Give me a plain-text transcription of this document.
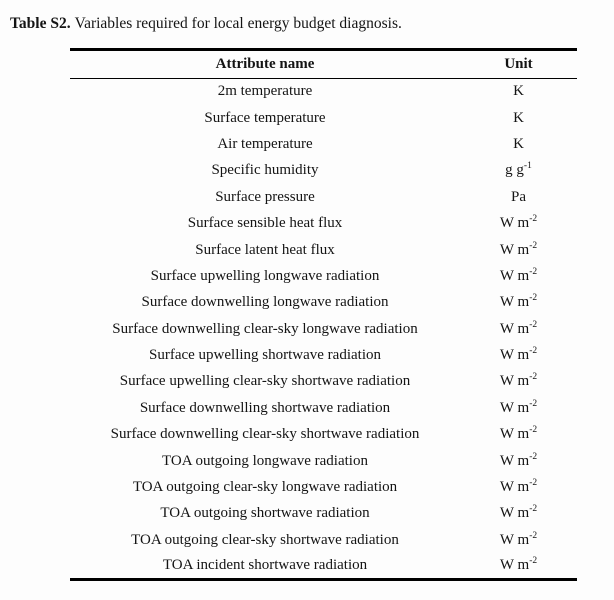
Table S2. Variables required for local energy budget diagnosis.

Attribute name	Unit
2m temperature	K
Surface temperature	K
Air temperature	K
Specific humidity	g $g^{-1}$
Surface pressure	Pa
Surface sensible heat flux	W $m^{-2}$
Surface latent heat flux	W $m^{-2}$
Surface upwelling longwave radiation	W $m^{-2}$
Surface downwelling longwave radiation	W $m^{-2}$
Surface downwelling clear-sky longwave radiation	W $m^{-2}$
Surface upwelling shortwave radiation	W $m^{-2}$
Surface upwelling clear-sky shortwave radiation	W $m^{-2}$
Surface downwelling shortwave radiation	W $m^{-2}$
Surface downwelling clear-sky shortwave radiation	W $m^{-2}$
TOA outgoing longwave radiation	W $m^{-2}$
TOA outgoing clear-sky longwave radiation	W $m^{-2}$
TOA outgoing shortwave radiation	W $m^{-2}$
TOA outgoing clear-sky shortwave radiation	W $m^{-2}$
TOA incident shortwave radiation	W $m^{-2}$
